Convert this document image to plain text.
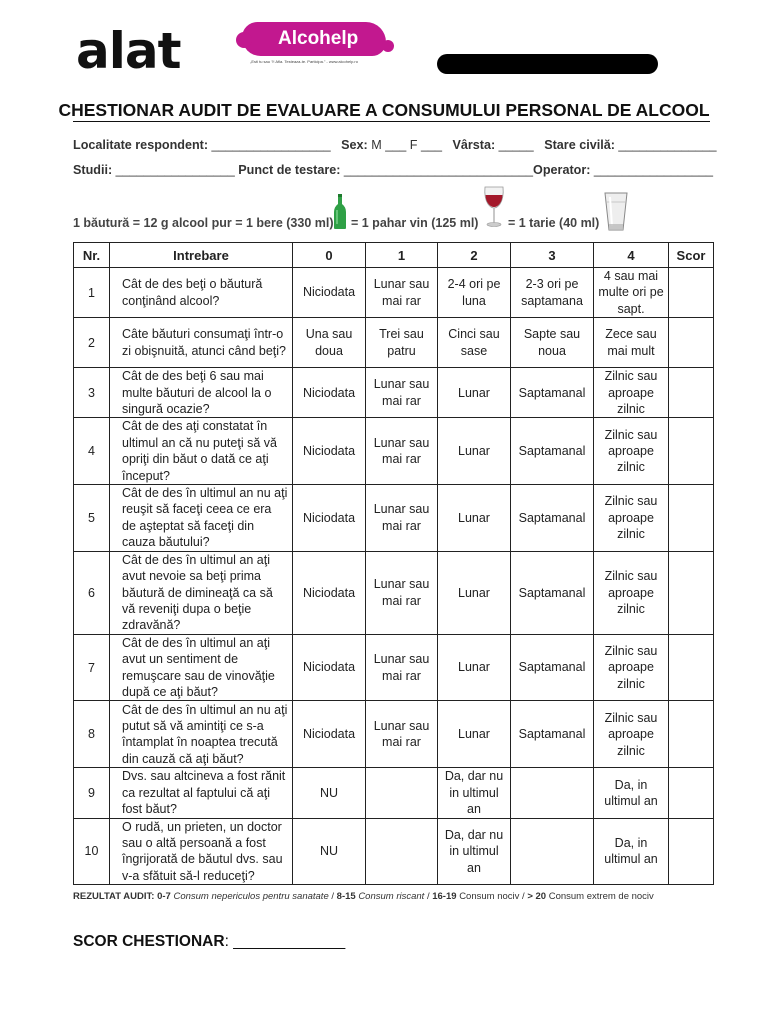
alat	Alcohelp
„Esti tu sau ?! Afla. Testeaza-te. Participa.” - www.alcohelp.ro
CHESTIONAR AUDIT DE EVALUARE A CONSUMULUI PERSONAL DE ALCOOL
Localitate respondent: _________________ Sex: M ___ F ___ Vârsta: _____ Stare civilă: ______________
Studii: _________________ Punct de testare: ___________________________Operator: _________________
1 băutură = 12 g alcool pur = 1 bere (330 ml) = 1 pahar vin (125 ml) = 1 tarie (40 ml)
Nr.	Intrebare	0	1	2	3	4	Scor
1	Cât de des beţi o băutură conţinând alcool?	Niciodata	Lunar sau mai rar	2-4 ori pe luna	2-3 ori pe saptamana	4 sau mai multe ori pe sapt.	
2	Câte băuturi consumaţi într-o zi obişnuită, atunci când beţi?	Una sau doua	Trei sau patru	Cinci sau sase	Sapte sau noua	Zece sau mai mult	
3	Cât de des beţi 6 sau mai multe băuturi de alcool la o singură ocazie?	Niciodata	Lunar sau mai rar	Lunar	Saptamanal	Zilnic sau aproape zilnic	
4	Cât de des aţi constatat în ultimul an că nu puteţi să vă opriţi din băut o dată ce aţi început?	Niciodata	Lunar sau mai rar	Lunar	Saptamanal	Zilnic sau aproape zilnic	
5	Cât de des în ultimul an nu aţi reuşit să faceţi ceea ce era de aşteptat să faceţi din cauza băutului?	Niciodata	Lunar sau mai rar	Lunar	Saptamanal	Zilnic sau aproape zilnic	
6	Cât de des în ultimul an aţi avut nevoie sa beţi prima băutură de dimineaţă ca să vă reveniţi dupa o beţie zdravănă?	Niciodata	Lunar sau mai rar	Lunar	Saptamanal	Zilnic sau aproape zilnic	
7	Cât de des în ultimul an aţi avut un sentiment de remuşcare sau de vinovăţie după ce aţi băut?	Niciodata	Lunar sau mai rar	Lunar	Saptamanal	Zilnic sau aproape zilnic	
8	Cât de des în ultimul an nu aţi putut să vă amintiţi ce s-a întamplat în noaptea trecută din cauză că aţi băut?	Niciodata	Lunar sau mai rar	Lunar	Saptamanal	Zilnic sau aproape zilnic	
9	Dvs. sau altcineva a fost rănit ca rezultat al faptului că aţi fost băut?	NU		Da, dar nu in ultimul an		Da, in ultimul an	
10	O rudă, un prieten, un doctor sau o altă persoană a fost îngrijorată de băutul dvs. sau v-a sfătuit să-l reduceţi?	NU		Da, dar nu in ultimul an		Da, in ultimul an	
REZULTAT AUDIT: 0-7 Consum nepericulos pentru sanatate / 8-15 Consum riscant / 16-19 Consum nociv / > 20 Consum extrem de nociv
SCOR CHESTIONAR: _____________
